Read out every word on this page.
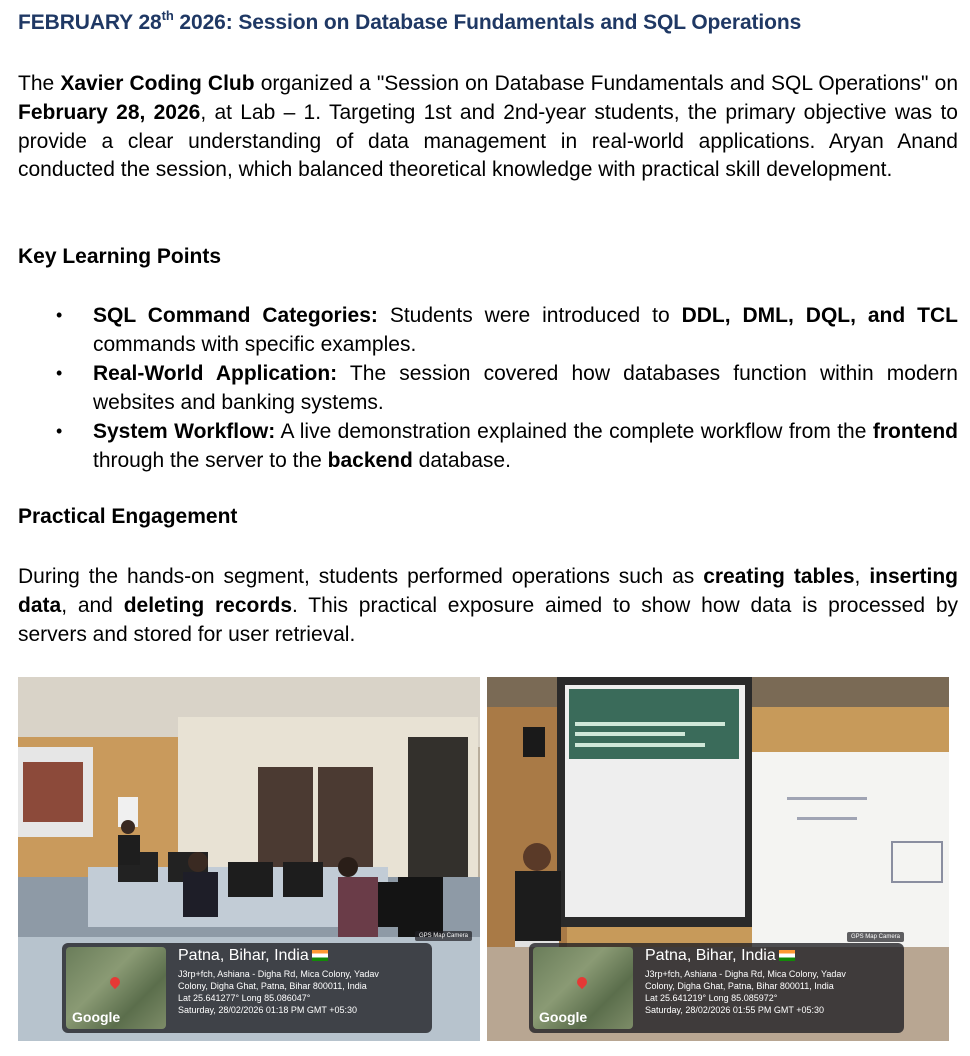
FEBRUARY 28th 2026: Session on Database Fundamentals and SQL Operations
The Xavier Coding Club organized a "Session on Database Fundamentals and SQL Operations" on February 28, 2026, at Lab – 1. Targeting 1st and 2nd-year students, the primary objective was to provide a clear understanding of data management in real-world applications. Aryan Anand conducted the session, which balanced theoretical knowledge with practical skill development.
Key Learning Points
• SQL Command Categories: Students were introduced to DDL, DML, DQL, and TCL commands with specific examples.
• Real-World Application: The session covered how databases function within modern websites and banking systems.
• System Workflow: A live demonstration explained the complete workflow from the frontend through the server to the backend database.
Practical Engagement
During the hands-on segment, students performed operations such as creating tables, inserting data, and deleting records. This practical exposure aimed to show how data is processed by servers and stored for user retrieval.
GPS Map Camera
Google
Patna, Bihar, India
J3rp+fch, Ashiana - Digha Rd, Mica Colony, Yadav
Colony, Digha Ghat, Patna, Bihar 800011, India
Lat 25.641277° Long 85.086047°
Saturday, 28/02/2026 01:18 PM GMT +05:30
GPS Map Camera
Google
Patna, Bihar, India
J3rp+fch, Ashiana - Digha Rd, Mica Colony, Yadav
Colony, Digha Ghat, Patna, Bihar 800011, India
Lat 25.641219° Long 85.085972°
Saturday, 28/02/2026 01:55 PM GMT +05:30
